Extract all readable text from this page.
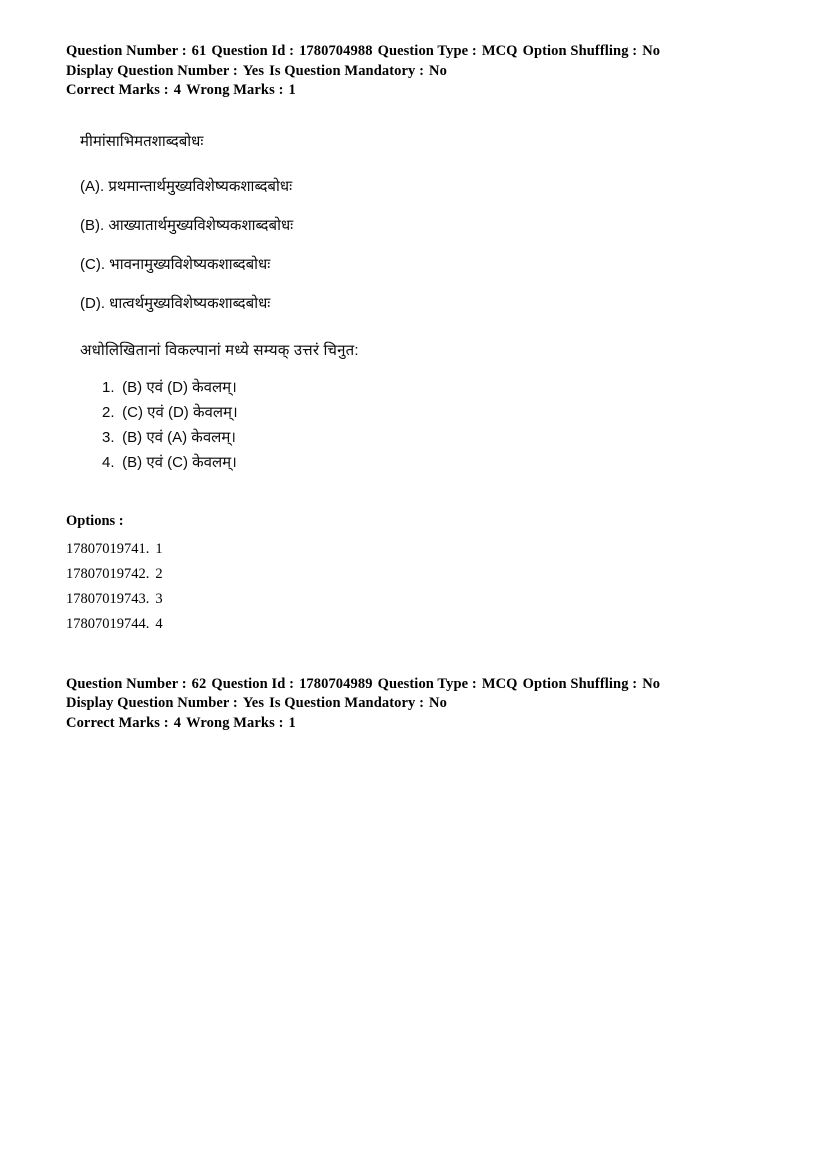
Question Number : 61 Question Id : 1780704988 Question Type : MCQ Option Shuffling : No
Display Question Number : Yes Is Question Mandatory : No
Correct Marks : 4 Wrong Marks : 1
मीमांसाभिमतशाब्दबोधः
(A). प्रथमान्तार्थमुख्यविशेष्यकशाब्दबोधः
(B). आख्यातार्थमुख्यविशेष्यकशाब्दबोधः
(C). भावनामुख्यविशेष्यकशाब्दबोधः
(D). धात्वर्थमुख्यविशेष्यकशाब्दबोधः
अधोलिखितानां विकल्पानां मध्ये सम्यक् उत्तरं चिनुत:
1. (B) एवं (D) केवलम्।
2. (C) एवं (D) केवलम्।
3. (B) एवं (A) केवलम्।
4. (B) एवं (C) केवलम्।
Options :
17807019741. 1
17807019742. 2
17807019743. 3
17807019744. 4
Question Number : 62 Question Id : 1780704989 Question Type : MCQ Option Shuffling : No
Display Question Number : Yes Is Question Mandatory : No
Correct Marks : 4 Wrong Marks : 1
